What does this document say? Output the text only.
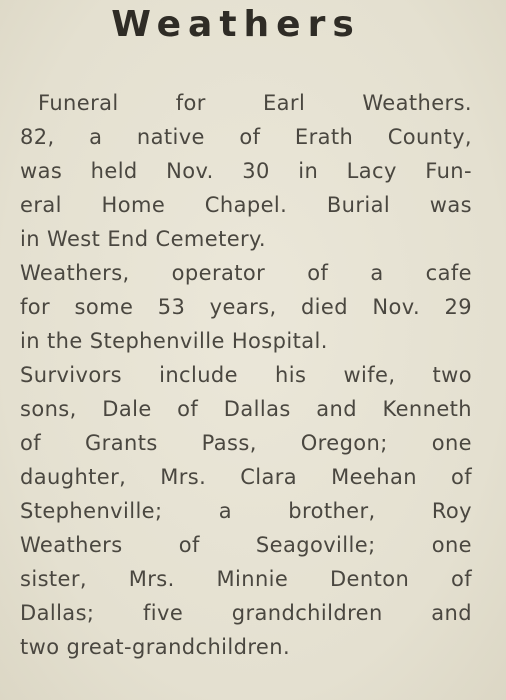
Weathers
Funeral for Earl Weathers.
82, a native of Erath County,
was held Nov. 30 in Lacy Fun-
eral Home Chapel. Burial was
in West End Cemetery.
Weathers, operator of a cafe
for some 53 years, died Nov. 29
in the Stephenville Hospital.
Survivors include his wife, two
sons, Dale of Dallas and Kenneth
of Grants Pass, Oregon; one
daughter, Mrs. Clara Meehan of
Stephenville; a brother, Roy
Weathers of Seagoville; one
sister, Mrs. Minnie Denton of
Dallas; five grandchildren and
two great-grandchildren.
